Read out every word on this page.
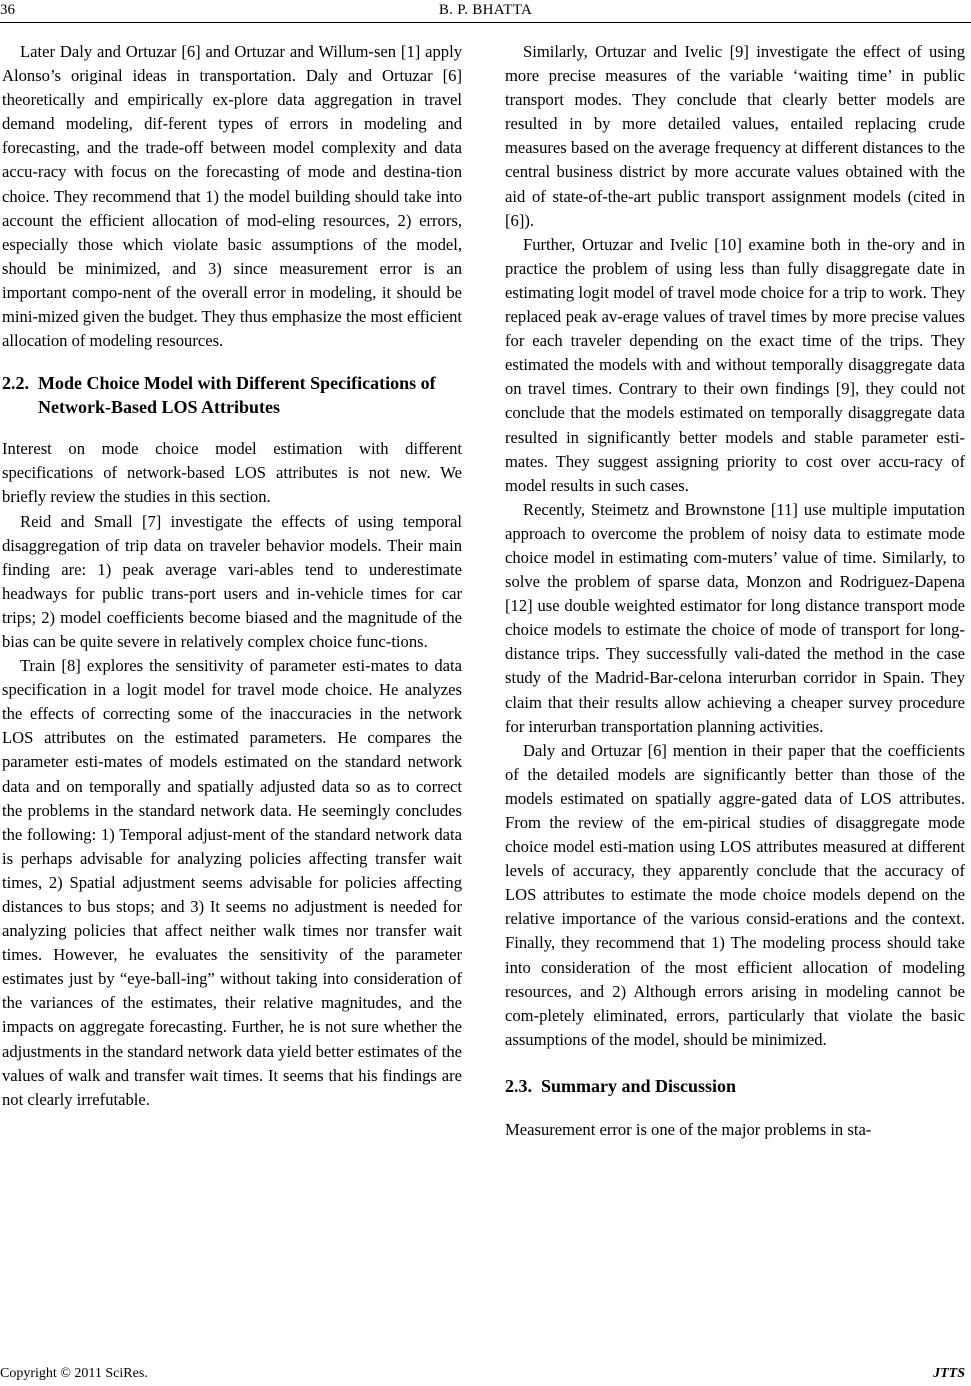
36	B. P. BHATTA

Later Daly and Ortuzar [6] and Ortuzar and Willum-sen [1] apply Alonso’s original ideas in transportation. Daly and Ortuzar [6] theoretically and empirically ex-plore data aggregation in travel demand modeling, dif-ferent types of errors in modeling and forecasting, and the trade-off between model complexity and data accu-racy with focus on the forecasting of mode and destina-tion choice. They recommend that 1) the model building should take into account the efficient allocation of mod-eling resources, 2) errors, especially those which violate basic assumptions of the model, should be minimized, and 3) since measurement error is an important compo-nent of the overall error in modeling, it should be mini-mized given the budget. They thus emphasize the most efficient allocation of modeling resources.

2.2. Mode Choice Model with Different Specifications of Network-Based LOS Attributes

Interest on mode choice model estimation with different specifications of network-based LOS attributes is not new. We briefly review the studies in this section.

Reid and Small [7] investigate the effects of using temporal disaggregation of trip data on traveler behavior models. Their main finding are: 1) peak average vari-ables tend to underestimate headways for public trans-port users and in-vehicle times for car trips; 2) model coefficients become biased and the magnitude of the bias can be quite severe in relatively complex choice func-tions.

Train [8] explores the sensitivity of parameter esti-mates to data specification in a logit model for travel mode choice. He analyzes the effects of correcting some of the inaccuracies in the network LOS attributes on the estimated parameters. He compares the parameter esti-mates of models estimated on the standard network data and on temporally and spatially adjusted data so as to correct the problems in the standard network data. He seemingly concludes the following: 1) Temporal adjust-ment of the standard network data is perhaps advisable for analyzing policies affecting transfer wait times, 2) Spatial adjustment seems advisable for policies affecting distances to bus stops; and 3) It seems no adjustment is needed for analyzing policies that affect neither walk times nor transfer wait times. However, he evaluates the sensitivity of the parameter estimates just by “eye-ball-ing” without taking into consideration of the variances of the estimates, their relative magnitudes, and the impacts on aggregate forecasting. Further, he is not sure whether the adjustments in the standard network data yield better estimates of the values of walk and transfer wait times. It seems that his findings are not clearly irrefutable.

Similarly, Ortuzar and Ivelic [9] investigate the effect of using more precise measures of the variable ‘waiting time’ in public transport modes. They conclude that clearly better models are resulted in by more detailed values, entailed replacing crude measures based on the average frequency at different distances to the central business district by more accurate values obtained with the aid of state-of-the-art public transport assignment models (cited in [6]).

Further, Ortuzar and Ivelic [10] examine both in the-ory and in practice the problem of using less than fully disaggregate date in estimating logit model of travel mode choice for a trip to work. They replaced peak av-erage values of travel times by more precise values for each traveler depending on the exact time of the trips. They estimated the models with and without temporally disaggregate data on travel times. Contrary to their own findings [9], they could not conclude that the models estimated on temporally disaggregate data resulted in significantly better models and stable parameter esti-mates. They suggest assigning priority to cost over accu-racy of model results in such cases.

Recently, Steimetz and Brownstone [11] use multiple imputation approach to overcome the problem of noisy data to estimate mode choice model in estimating com-muters’ value of time. Similarly, to solve the problem of sparse data, Monzon and Rodriguez-Dapena [12] use double weighted estimator for long distance transport mode choice models to estimate the choice of mode of transport for long-distance trips. They successfully vali-dated the method in the case study of the Madrid-Bar-celona interurban corridor in Spain. They claim that their results allow achieving a cheaper survey procedure for interurban transportation planning activities.

Daly and Ortuzar [6] mention in their paper that the coefficients of the detailed models are significantly better than those of the models estimated on spatially aggre-gated data of LOS attributes. From the review of the em-pirical studies of disaggregate mode choice model esti-mation using LOS attributes measured at different levels of accuracy, they apparently conclude that the accuracy of LOS attributes to estimate the mode choice models depend on the relative importance of the various consid-erations and the context. Finally, they recommend that 1) The modeling process should take into consideration of the most efficient allocation of modeling resources, and 2) Although errors arising in modeling cannot be com-pletely eliminated, errors, particularly that violate the basic assumptions of the model, should be minimized.

2.3. Summary and Discussion

Measurement error is one of the major problems in sta-

Copyright © 2011 SciRes.	JTTS
